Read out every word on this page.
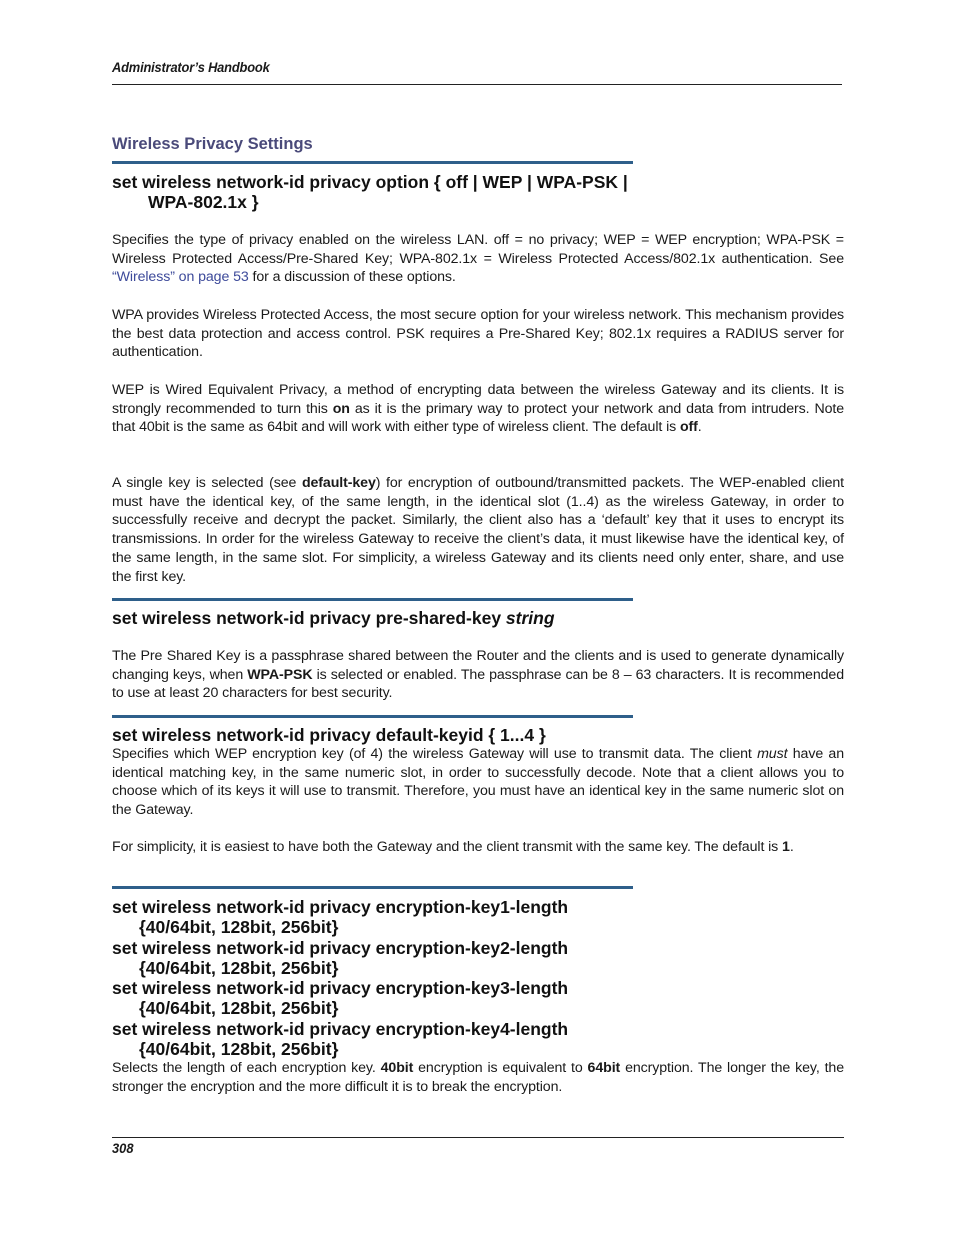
Administrator’s Handbook
Wireless Privacy Settings
set wireless network-id privacy option { off | WEP | WPA-PSK |
WPA-802.1x }

Specifies the type of privacy enabled on the wireless LAN. off = no privacy; WEP = WEP encryption; WPA-PSK = Wireless Protected Access/Pre-Shared Key; WPA-802.1x = Wireless Protected Access/802.1x authentication. See “Wireless” on page 53 for a discussion of these options.

WPA provides Wireless Protected Access, the most secure option for your wireless network. This mechanism provides the best data protection and access control. PSK requires a Pre-Shared Key; 802.1x requires a RADIUS server for authentication.

WEP is Wired Equivalent Privacy, a method of encrypting data between the wireless Gateway and its clients. It is strongly recommended to turn this on as it is the primary way to protect your network and data from intruders. Note that 40bit is the same as 64bit and will work with either type of wireless client. The default is off.

A single key is selected (see default-key) for encryption of outbound/transmitted packets. The WEP-enabled client must have the identical key, of the same length, in the identical slot (1..4) as the wireless Gateway, in order to successfully receive and decrypt the packet. Similarly, the client also has a ‘default’ key that it uses to encrypt its transmissions. In order for the wireless Gateway to receive the client’s data, it must likewise have the identical key, of the same length, in the same slot. For simplicity, a wireless Gateway and its clients need only enter, share, and use the first key.

set wireless network-id privacy pre-shared-key string

The Pre Shared Key is a passphrase shared between the Router and the clients and is used to generate dynamically changing keys, when WPA-PSK is selected or enabled. The passphrase can be 8 – 63 characters. It is recommended to use at least 20 characters for best security.

set wireless network-id privacy default-keyid { 1...4 }

Specifies which WEP encryption key (of 4) the wireless Gateway will use to transmit data. The client must have an identical matching key, in the same numeric slot, in order to successfully decode. Note that a client allows you to choose which of its keys it will use to transmit. Therefore, you must have an identical key in the same numeric slot on the Gateway.

For simplicity, it is easiest to have both the Gateway and the client transmit with the same key. The default is 1.

set wireless network-id privacy encryption-key1-length
{40/64bit, 128bit, 256bit}
set wireless network-id privacy encryption-key2-length
{40/64bit, 128bit, 256bit}
set wireless network-id privacy encryption-key3-length
{40/64bit, 128bit, 256bit}
set wireless network-id privacy encryption-key4-length
{40/64bit, 128bit, 256bit}

Selects the length of each encryption key. 40bit encryption is equivalent to 64bit encryption. The longer the key, the stronger the encryption and the more difficult it is to break the encryption.

308
